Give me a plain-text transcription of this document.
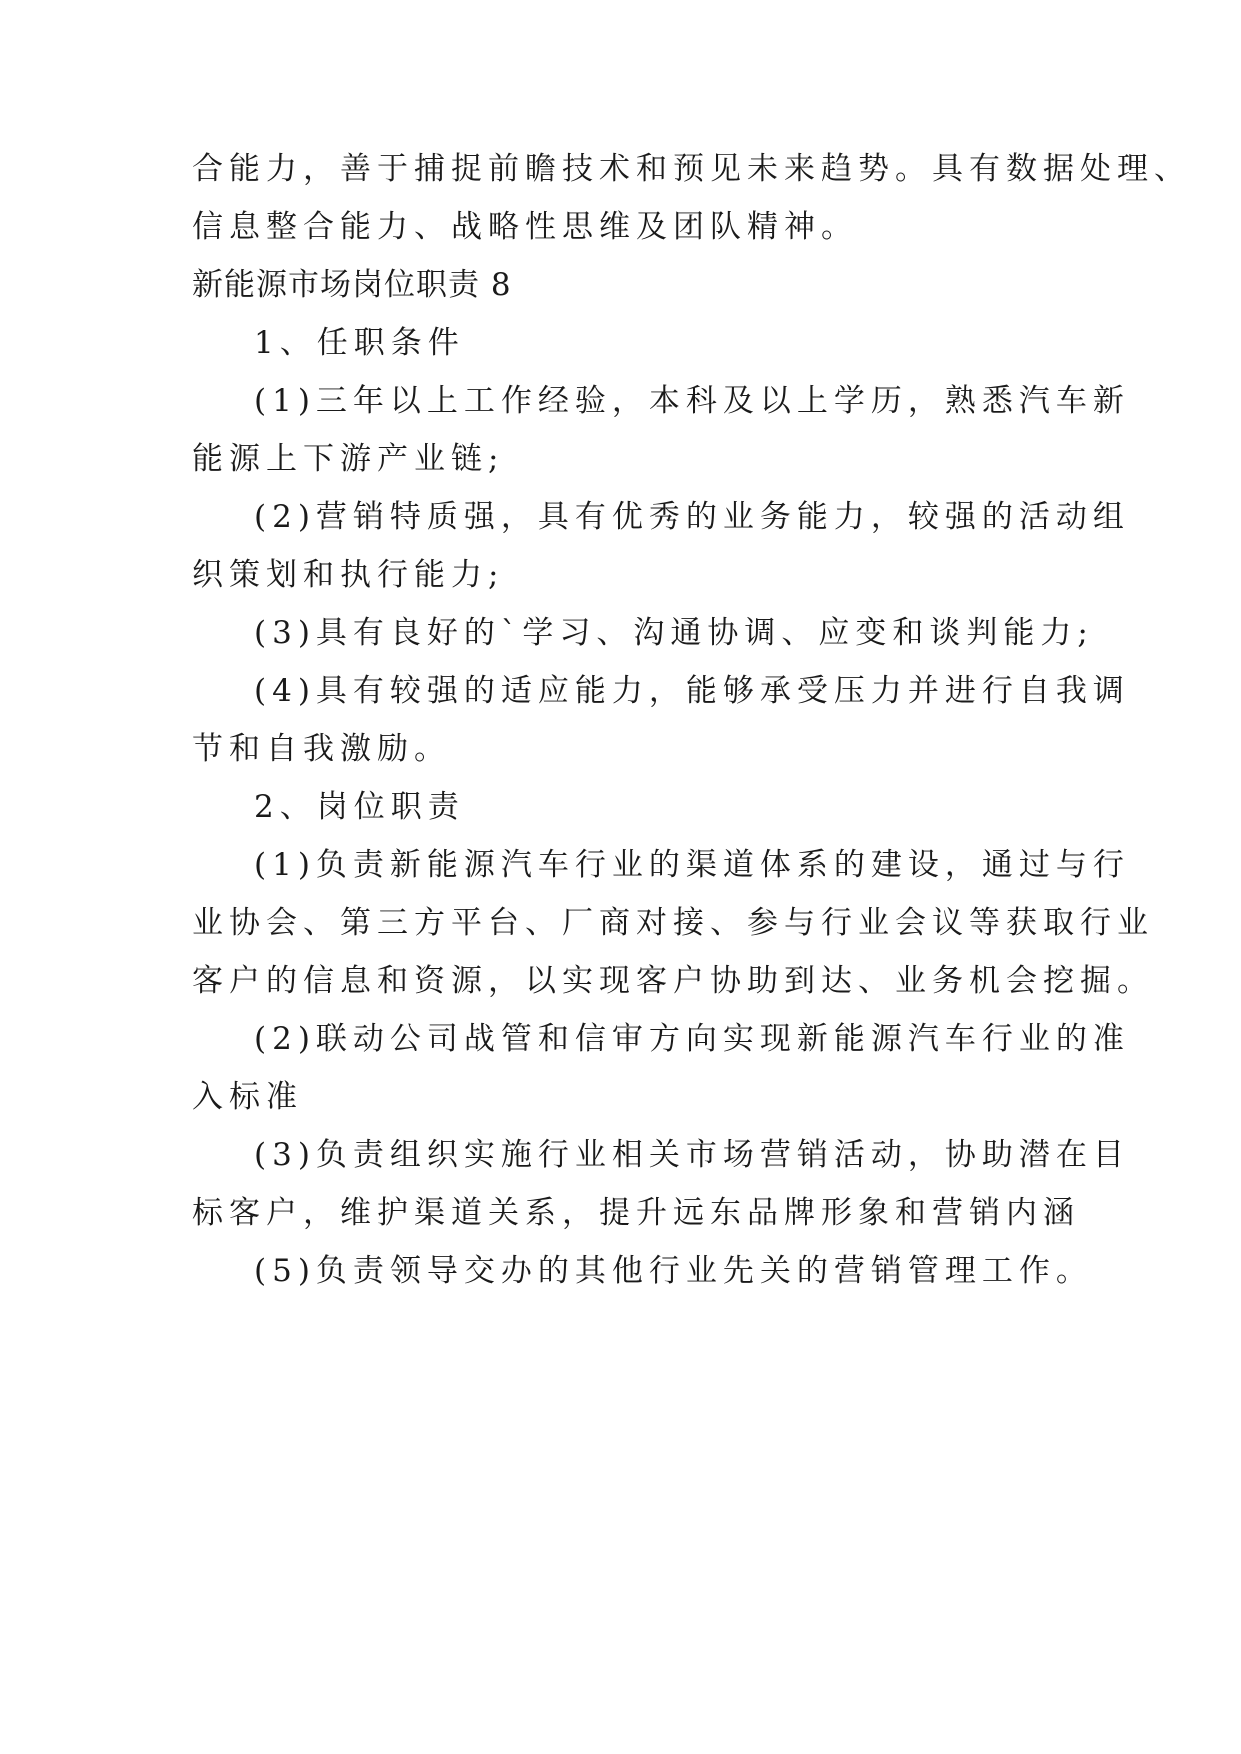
合能力，善于捕捉前瞻技术和预见未来趋势。具有数据处理、
信息整合能力、战略性思维及团队精神。
新能源市场岗位职责 8
1、任职条件
(1)三年以上工作经验，本科及以上学历，熟悉汽车新
能源上下游产业链;
(2)营销特质强，具有优秀的业务能力，较强的活动组
织策划和执行能力;
(3)具有良好的`学习、沟通协调、应变和谈判能力;
(4)具有较强的适应能力，能够承受压力并进行自我调
节和自我激励。
2、岗位职责
(1)负责新能源汽车行业的渠道体系的建设，通过与行
业协会、第三方平台、厂商对接、参与行业会议等获取行业
客户的信息和资源，以实现客户协助到达、业务机会挖掘。
(2)联动公司战管和信审方向实现新能源汽车行业的准
入标准
(3)负责组织实施行业相关市场营销活动，协助潜在目
标客户，维护渠道关系，提升远东品牌形象和营销内涵
(5)负责领导交办的其他行业先关的营销管理工作。
